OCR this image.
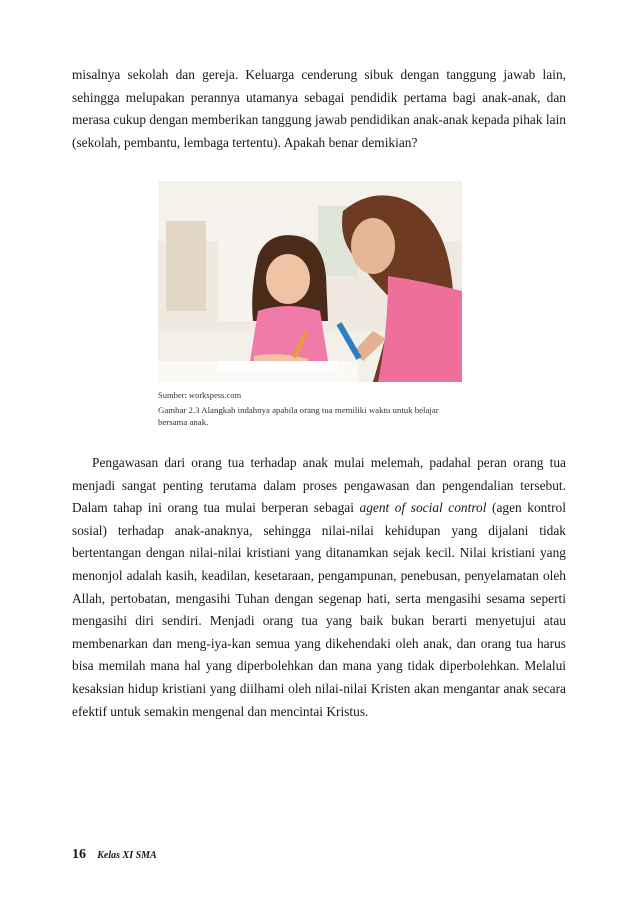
misalnya sekolah dan gereja. Keluarga cenderung sibuk dengan tanggung jawab lain, sehingga melupakan perannya utamanya sebagai pendidik pertama bagi anak-anak, dan merasa cukup dengan memberikan tanggung jawab pendidikan anak-anak kepada pihak lain (sekolah, pembantu, lembaga tertentu). Apakah benar demikian?

Sumber: workspess.com
Gambar 2.3 Alangkah indahnya apabila orang tua memiliki waktu untuk belajar bersama anak.

Pengawasan dari orang tua terhadap anak mulai melemah, padahal peran orang tua menjadi sangat penting terutama dalam proses pengawasan dan pengendalian tersebut. Dalam tahap ini orang tua mulai berperan sebagai agent of social control (agen kontrol sosial) terhadap anak-anaknya, sehingga nilai-nilai kehidupan yang dijalani tidak bertentangan dengan nilai-nilai kristiani yang ditanamkan sejak kecil. Nilai kristiani yang menonjol adalah kasih, keadilan, kesetaraan, pengampunan, penebusan, penyelamatan oleh Allah, pertobatan, mengasihi Tuhan dengan segenap hati, serta mengasihi sesama seperti mengasihi diri sendiri. Menjadi orang tua yang baik bukan berarti menyetujui atau membenarkan dan meng-iya-kan semua yang dikehendaki oleh anak, dan orang tua harus bisa memilah mana hal yang diperbolehkan dan mana yang tidak diperbolehkan. Melalui kesaksian hidup kristiani yang diilhami oleh nilai-nilai Kristen akan mengantar anak secara efektif untuk semakin mengenal dan mencintai Kristus.

16 Kelas XI SMA
